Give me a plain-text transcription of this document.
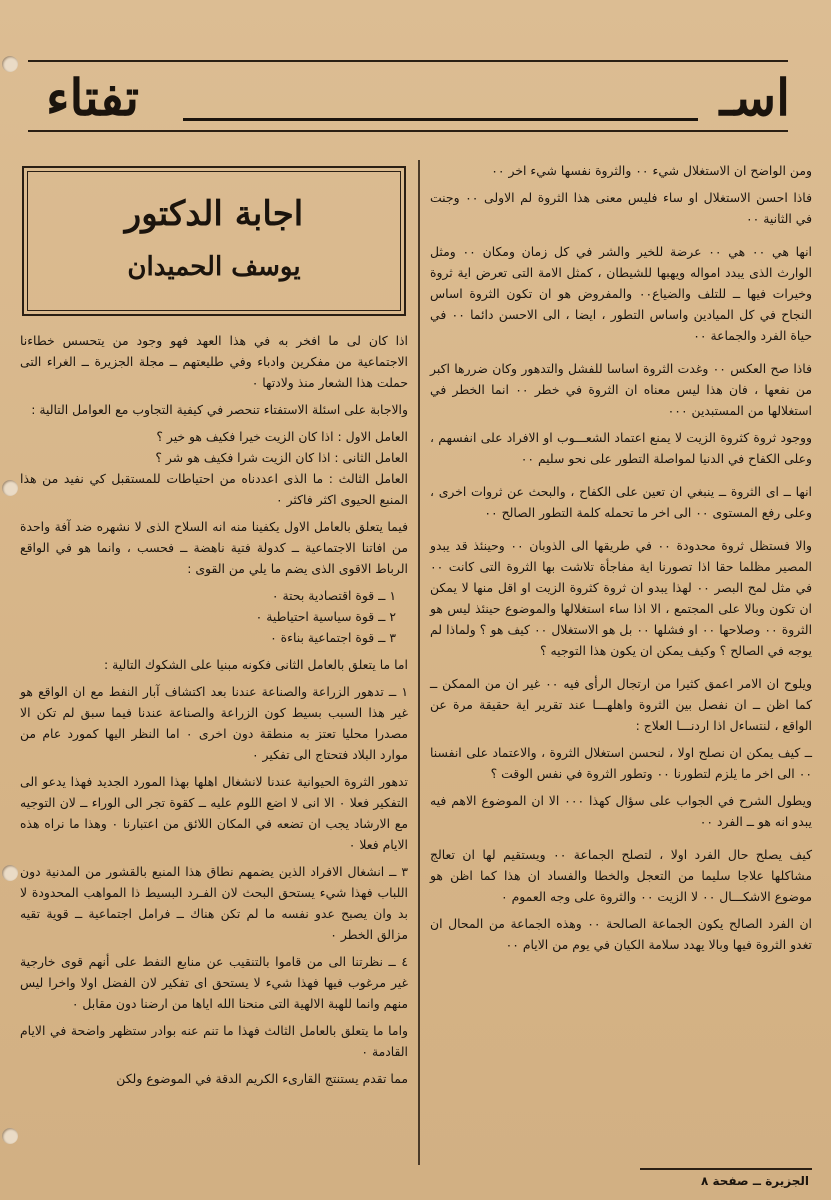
اسـ
تفتاء

ومن الواضح ان الاستغلال شيء ٠٠ والثروة نفسها شيء اخر ٠٠

فاذا احسن الاستغلال او ساء فليس معنى هذا الثروة لم الاولى ٠٠ وجنت في الثانية ٠٠

انها هي ٠٠ هي ٠٠ عرضة للخير والشر في كل زمان ومكان ٠٠ ومثل الوارث الذى يبدد امواله ويهبها للشيطان ، كمثل الامة التى تعرض اية ثروة وخيرات فيها ــ للتلف والضياع٠٠ والمفروض هو ان تكون الثروة اساس النجاح في كل الميادين واساس التطور ، ايضا ، الى الاحسن دائما ٠٠ في حياة الفرد والجماعة ٠٠

فاذا صح العكس ٠٠ وغدت الثروة اساسا للفشل والتدهور وكان ضررها اكبر من نفعها ، فان هذا ليس معناه ان الثروة في خطر ٠٠ انما الخطر في استغلالها من المستبدين ٠٠٠

ووجود ثروة كثروة الزيت لا يمنع اعتماد الشعـــوب او الافراد على انفسهم ، وعلى الكفاح في الدنيا لمواصلة التطور على نحو سليم ٠٠

انها ــ اى الثروة ــ ينبغي ان تعين على الكفاح ، والبحث عن ثروات اخرى ، وعلى رفع المستوى ٠٠ الى اخر ما تحمله كلمة التطور الصالح ٠٠

والا فستظل ثروة محدودة ٠٠ في طريقها الى الذوبان ٠٠ وحينئذ قد يبدو المصير مظلما حقا اذا تصورنا اية مفاجأة تلاشت بها الثروة التى كانت ٠٠ في مثل لمح البصر ٠٠ لهذا يبدو ان ثروة كثروة الزيت او اقل منها لا يمكن ان تكون وبالا على المجتمع ، الا اذا ساء استغلالها والموضوع حينئذ ليس هو الثروة ٠٠ وصلاحها ٠٠ او فشلها ٠٠ بل هو الاستغلال ٠٠ كيف هو ؟ ولماذا لم يوجه في الصالح ؟ وكيف يمكن ان يكون هذا التوجيه ؟

ويلوح ان الامر اعمق كثيرا من ارتجال الرأى فيه ٠٠ غير ان من الممكن ــ كما اظن ــ ان نفصل بين الثروة واهلهـــا عند تقرير اية حقيقة مرة عن الواقع ، لنتساءل اذا اردنـــا العلاج :

ــ كيف يمكن ان نصلح اولا ، لنحسن استغلال الثروة ، والاعتماد على انفسنا ٠٠ الى اخر ما يلزم لتطورنا ٠٠ وتطور الثروة في نفس الوقت ؟

ويطول الشرح في الجواب على سؤال كهذا ٠٠٠ الا ان الموضوع الاهم فيه يبدو انه هو ــ الفرد ٠٠

كيف يصلح حال الفرد اولا ، لتصلح الجماعة ٠٠ ويستقيم لها ان تعالج مشاكلها علاجا سليما من التعجل والخطا والفساد ان هذا كما اظن هو موضوع الاشكـــال ٠٠ لا الزيت ٠٠ والثروة على وجه العموم ٠

ان الفرد الصالح يكون الجماعة الصالحة ٠٠ وهذه الجماعة من المحال ان تغدو الثروة فيها وبالا يهدد سلامة الكيان في يوم من الايام ٠٠

اجابة الدكتور
يوسف الحميدان

اذا كان لى ما افخر به في هذا العهد فهو وجود من يتحسس خطاءنا الاجتماعية من مفكرين وادباء وفي طليعتهم ــ مجلة الجزيرة ــ الغراء التى حملت هذا الشعار منذ ولادتها ٠

والاجابة على اسئلة الاستفتاء تنحصر في كيفية التجاوب مع العوامل التالية :

العامل الاول : اذا كان الزيت خيرا فكيف هو خير ؟

العامل الثانى : اذا كان الزيت شرا فكيف هو شر ؟

العامل الثالث : ما الذى اعددناه من احتياطات للمستقبل كي نفيد من هذا المنبع الحيوى اكثر فاكثر ٠

فيما يتعلق بالعامل الاول يكفينا منه انه السلاح الذى لا نشهره ضد آفة واحدة من افاتنا الاجتماعية ــ كدولة فتية ناهضة ــ فحسب ، وانما هو في الواقع الرباط الاقوى الذى يضم ما يلي من القوى :

١ ــ قوة اقتصادية بحتة ٠

٢ ــ قوة سياسية احتياطية ٠

٣ ــ قوة اجتماعية بناءة ٠

اما ما يتعلق بالعامل الثانى فكونه مبنيا على الشكوك التالية :

١ ــ تدهور الزراعة والصناعة عندنا بعد اكتشاف آبار النفط مع ان الواقع هو غير هذا السبب بسيط كون الزراعة والصناعة عندنا فيما سبق لم تكن الا مصدرا محليا تعتز به منطقة دون اخرى ٠ اما النظر اليها كمورد عام من موارد البلاد فتحتاج الى تفكير ٠

تدهور الثروة الحيوانية عندنا لانشغال اهلها بهذا المورد الجديد فهذا يدعو الى التفكير فعلا ٠ الا انى لا اضع اللوم عليه ــ كقوة تجر الى الوراء ــ لان التوجيه مع الارشاد يجب ان تضعه في المكان اللائق من اعتبارنا ٠ وهذا ما نراه هذه الايام فعلا ٠

٣ ــ انشغال الافراد الذين يضمهم نطاق هذا المنبع بالقشور من المدنية دون اللباب فهذا شيء يستحق البحث لان الفـرد البسيط ذا المواهب المحدودة لا بد وان يصبح عدو نفسه ما لم تكن هناك ــ فرامل اجتماعية ــ قوية تقيه مزالق الخطر ٠

٤ ــ نظرتنا الى من قاموا بالتنقيب عن منابع النفط على أنهم قوى خارجية غير مرغوب فيها فهذا شيء لا يستحق اى تفكير لان الفضل اولا واخرا ليس منهم وانما للهبة الالهية التى منحنا الله اياها من ارضنا دون مقابل ٠

واما ما يتعلق بالعامل الثالث فهذا ما تنم عنه بوادر ستظهر واضحة في الايام القادمة ٠

مما تقدم يستنتج القارىء الكريم الدقة في الموضوع ولكن

الجزيرة ــ صفحة ٨
